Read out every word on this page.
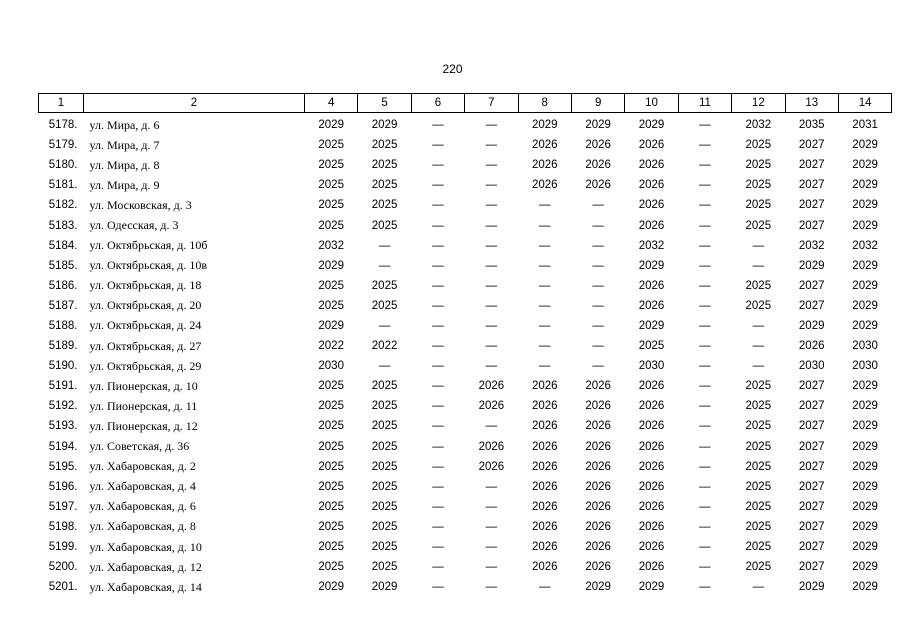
220
1	2	4	5	6	7	8	9	10	11	12	13	14
5178.	ул. Мира, д. 6	2029	2029	—	—	2029	2029	2029	—	2032	2035	2031
5179.	ул. Мира, д. 7	2025	2025	—	—	2026	2026	2026	—	2025	2027	2029
5180.	ул. Мира, д. 8	2025	2025	—	—	2026	2026	2026	—	2025	2027	2029
5181.	ул. Мира, д. 9	2025	2025	—	—	2026	2026	2026	—	2025	2027	2029
5182.	ул. Московская, д. 3	2025	2025	—	—	—	—	2026	—	2025	2027	2029
5183.	ул. Одесская, д. 3	2025	2025	—	—	—	—	2026	—	2025	2027	2029
5184.	ул. Октябрьская, д. 10б	2032	—	—	—	—	—	2032	—	—	2032	2032
5185.	ул. Октябрьская, д. 10в	2029	—	—	—	—	—	2029	—	—	2029	2029
5186.	ул. Октябрьская, д. 18	2025	2025	—	—	—	—	2026	—	2025	2027	2029
5187.	ул. Октябрьская, д. 20	2025	2025	—	—	—	—	2026	—	2025	2027	2029
5188.	ул. Октябрьская, д. 24	2029	—	—	—	—	—	2029	—	—	2029	2029
5189.	ул. Октябрьская, д. 27	2022	2022	—	—	—	—	2025	—	—	2026	2030
5190.	ул. Октябрьская, д. 29	2030	—	—	—	—	—	2030	—	—	2030	2030
5191.	ул. Пионерская, д. 10	2025	2025	—	2026	2026	2026	2026	—	2025	2027	2029
5192.	ул. Пионерская, д. 11	2025	2025	—	2026	2026	2026	2026	—	2025	2027	2029
5193.	ул. Пионерская, д. 12	2025	2025	—	—	2026	2026	2026	—	2025	2027	2029
5194.	ул. Советская, д. 36	2025	2025	—	2026	2026	2026	2026	—	2025	2027	2029
5195.	ул. Хабаровская, д. 2	2025	2025	—	2026	2026	2026	2026	—	2025	2027	2029
5196.	ул. Хабаровская, д. 4	2025	2025	—	—	2026	2026	2026	—	2025	2027	2029
5197.	ул. Хабаровская, д. 6	2025	2025	—	—	2026	2026	2026	—	2025	2027	2029
5198.	ул. Хабаровская, д. 8	2025	2025	—	—	2026	2026	2026	—	2025	2027	2029
5199.	ул. Хабаровская, д. 10	2025	2025	—	—	2026	2026	2026	—	2025	2027	2029
5200.	ул. Хабаровская, д. 12	2025	2025	—	—	2026	2026	2026	—	2025	2027	2029
5201.	ул. Хабаровская, д. 14	2029	2029	—	—	—	2029	2029	—	—	2029	2029
